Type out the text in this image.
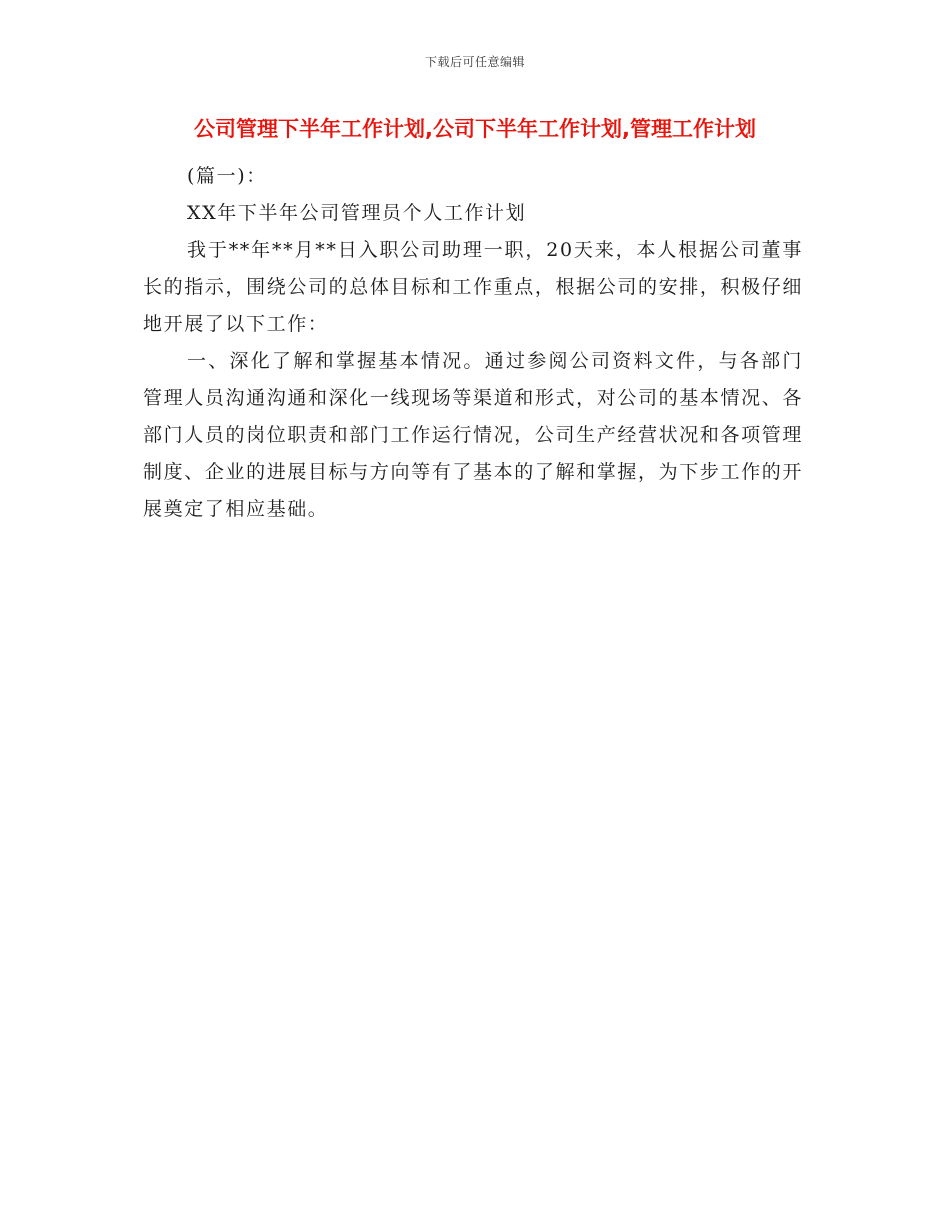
下载后可任意编辑
公司管理下半年工作计划,公司下半年工作计划,管理工作计划

(篇一)：

XX年下半年公司管理员个人工作计划

我于**年**月**日入职公司助理一职，20天来，本人根据公司董事长的指示，围绕公司的总体目标和工作重点，根据公司的安排，积极仔细地开展了以下工作：

一、深化了解和掌握基本情况。通过参阅公司资料文件，与各部门管理人员沟通沟通和深化一线现场等渠道和形式，对公司的基本情况、各部门人员的岗位职责和部门工作运行情况，公司生产经营状况和各项管理制度、企业的进展目标与方向等有了基本的了解和掌握，为下步工作的开展奠定了相应基础。
